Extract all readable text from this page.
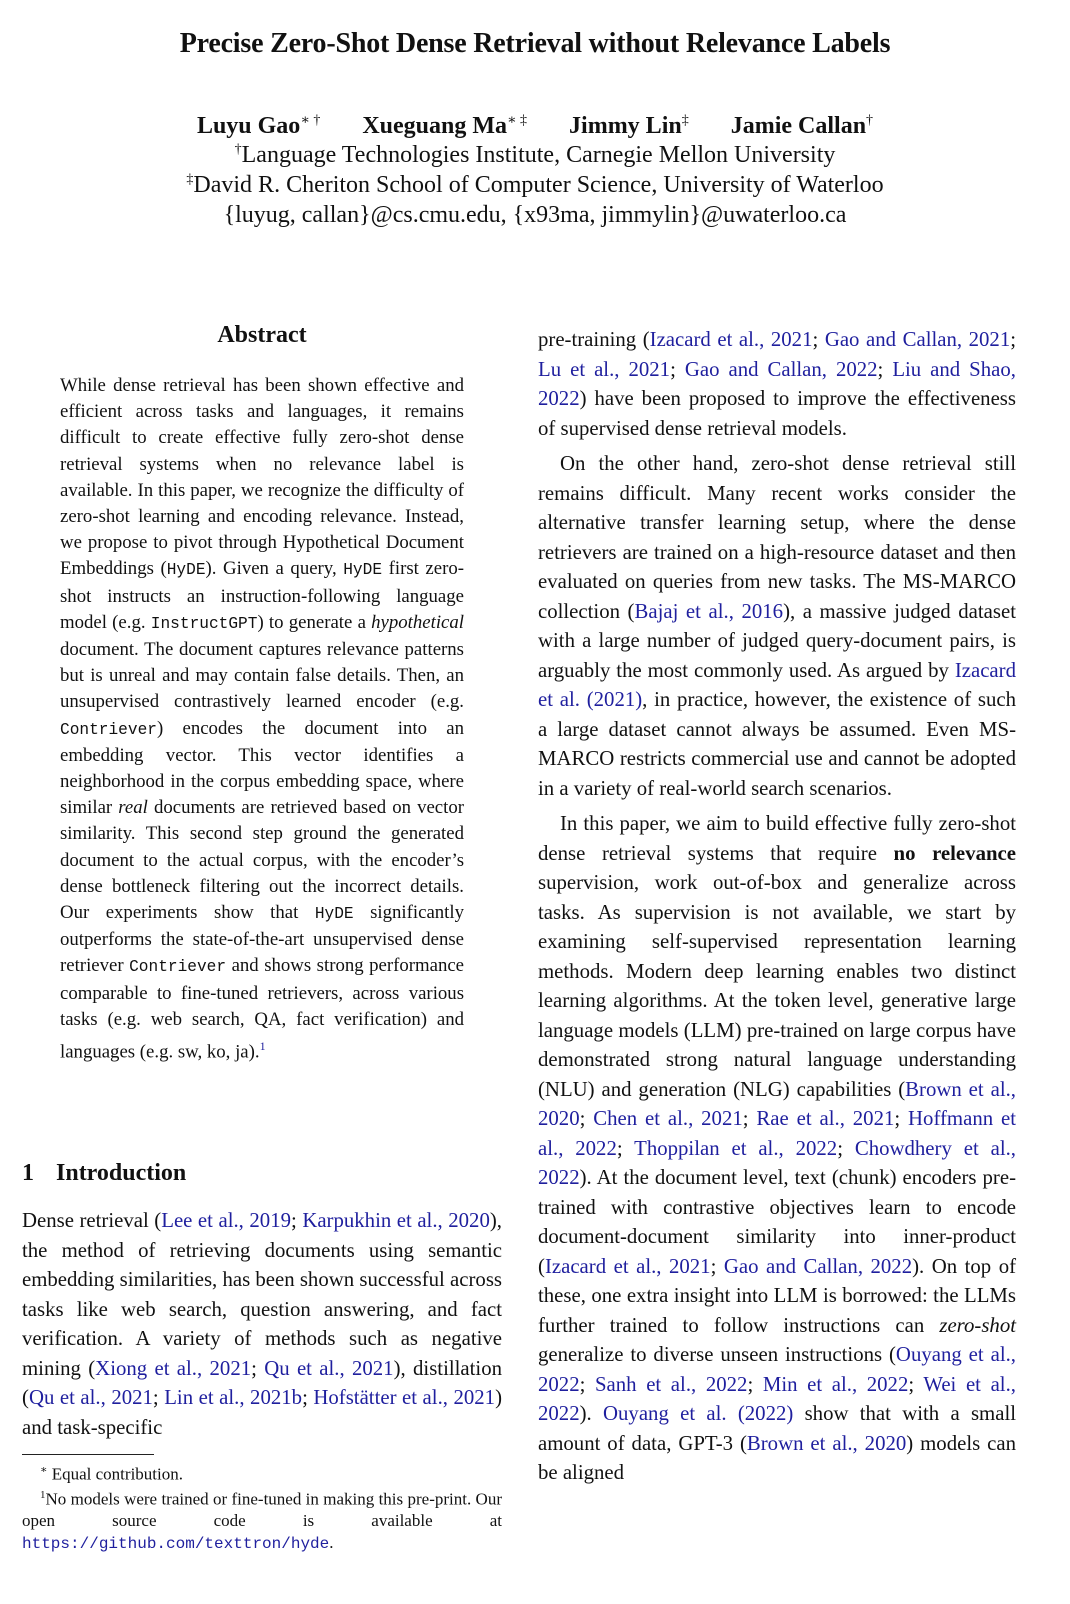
Precise Zero-Shot Dense Retrieval without Relevance Labels
Luyu Gao∗ † Xueguang Ma∗ ‡ Jimmy Lin‡ Jamie Callan†
†Language Technologies Institute, Carnegie Mellon University
‡David R. Cheriton School of Computer Science, University of Waterloo
{luyug, callan}@cs.cmu.edu, {x93ma, jimmylin}@uwaterloo.ca
Abstract
While dense retrieval has been shown effective and efficient across tasks and languages, it remains difficult to create effective fully zero-shot dense retrieval systems when no relevance label is available. In this paper, we recognize the difficulty of zero-shot learning and encoding relevance. Instead, we propose to pivot through Hypothetical Document Embeddings (HyDE). Given a query, HyDE first zero-shot instructs an instruction-following language model (e.g. InstructGPT) to generate a hypothetical document. The document captures relevance patterns but is unreal and may contain false details. Then, an unsupervised contrastively learned encoder (e.g. Contriever) encodes the document into an embedding vector. This vector identifies a neighborhood in the corpus embedding space, where similar real documents are retrieved based on vector similarity. This second step ground the generated document to the actual corpus, with the encoder’s dense bottleneck filtering out the incorrect details. Our experiments show that HyDE significantly outperforms the state-of-the-art unsupervised dense retriever Contriever and shows strong performance comparable to fine-tuned retrievers, across various tasks (e.g. web search, QA, fact verification) and languages (e.g. sw, ko, ja).$^1$
1 Introduction

Dense retrieval (Lee et al., 2019; Karpukhin et al., 2020), the method of retrieving documents using semantic embedding similarities, has been shown successful across tasks like web search, question answering, and fact verification. A variety of methods such as negative mining (Xiong et al., 2021; Qu et al., 2021), distillation (Qu et al., 2021; Lin et al., 2021b; Hofstätter et al., 2021) and task-specific

∗ Equal contribution.

$^1$No models were trained or fine-tuned in making this pre-print. Our open source code is available at https://github.com/texttron/hyde.

pre-training (Izacard et al., 2021; Gao and Callan, 2021; Lu et al., 2021; Gao and Callan, 2022; Liu and Shao, 2022) have been proposed to improve the effectiveness of supervised dense retrieval models.

On the other hand, zero-shot dense retrieval still remains difficult. Many recent works consider the alternative transfer learning setup, where the dense retrievers are trained on a high-resource dataset and then evaluated on queries from new tasks. The MS-MARCO collection (Bajaj et al., 2016), a massive judged dataset with a large number of judged query-document pairs, is arguably the most commonly used. As argued by Izacard et al. (2021), in practice, however, the existence of such a large dataset cannot always be assumed. Even MS-MARCO restricts commercial use and cannot be adopted in a variety of real-world search scenarios.

In this paper, we aim to build effective fully zero-shot dense retrieval systems that require no relevance supervision, work out-of-box and generalize across tasks. As supervision is not available, we start by examining self-supervised representation learning methods. Modern deep learning enables two distinct learning algorithms. At the token level, generative large language models (LLM) pre-trained on large corpus have demonstrated strong natural language understanding (NLU) and generation (NLG) capabilities (Brown et al., 2020; Chen et al., 2021; Rae et al., 2021; Hoffmann et al., 2022; Thoppilan et al., 2022; Chowdhery et al., 2022). At the document level, text (chunk) encoders pre-trained with contrastive objectives learn to encode document-document similarity into inner-product (Izacard et al., 2021; Gao and Callan, 2022). On top of these, one extra insight into LLM is borrowed: the LLMs further trained to follow instructions can zero-shot generalize to diverse unseen instructions (Ouyang et al., 2022; Sanh et al., 2022; Min et al., 2022; Wei et al., 2022). Ouyang et al. (2022) show that with a small amount of data, GPT-3 (Brown et al., 2020) models can be aligned
